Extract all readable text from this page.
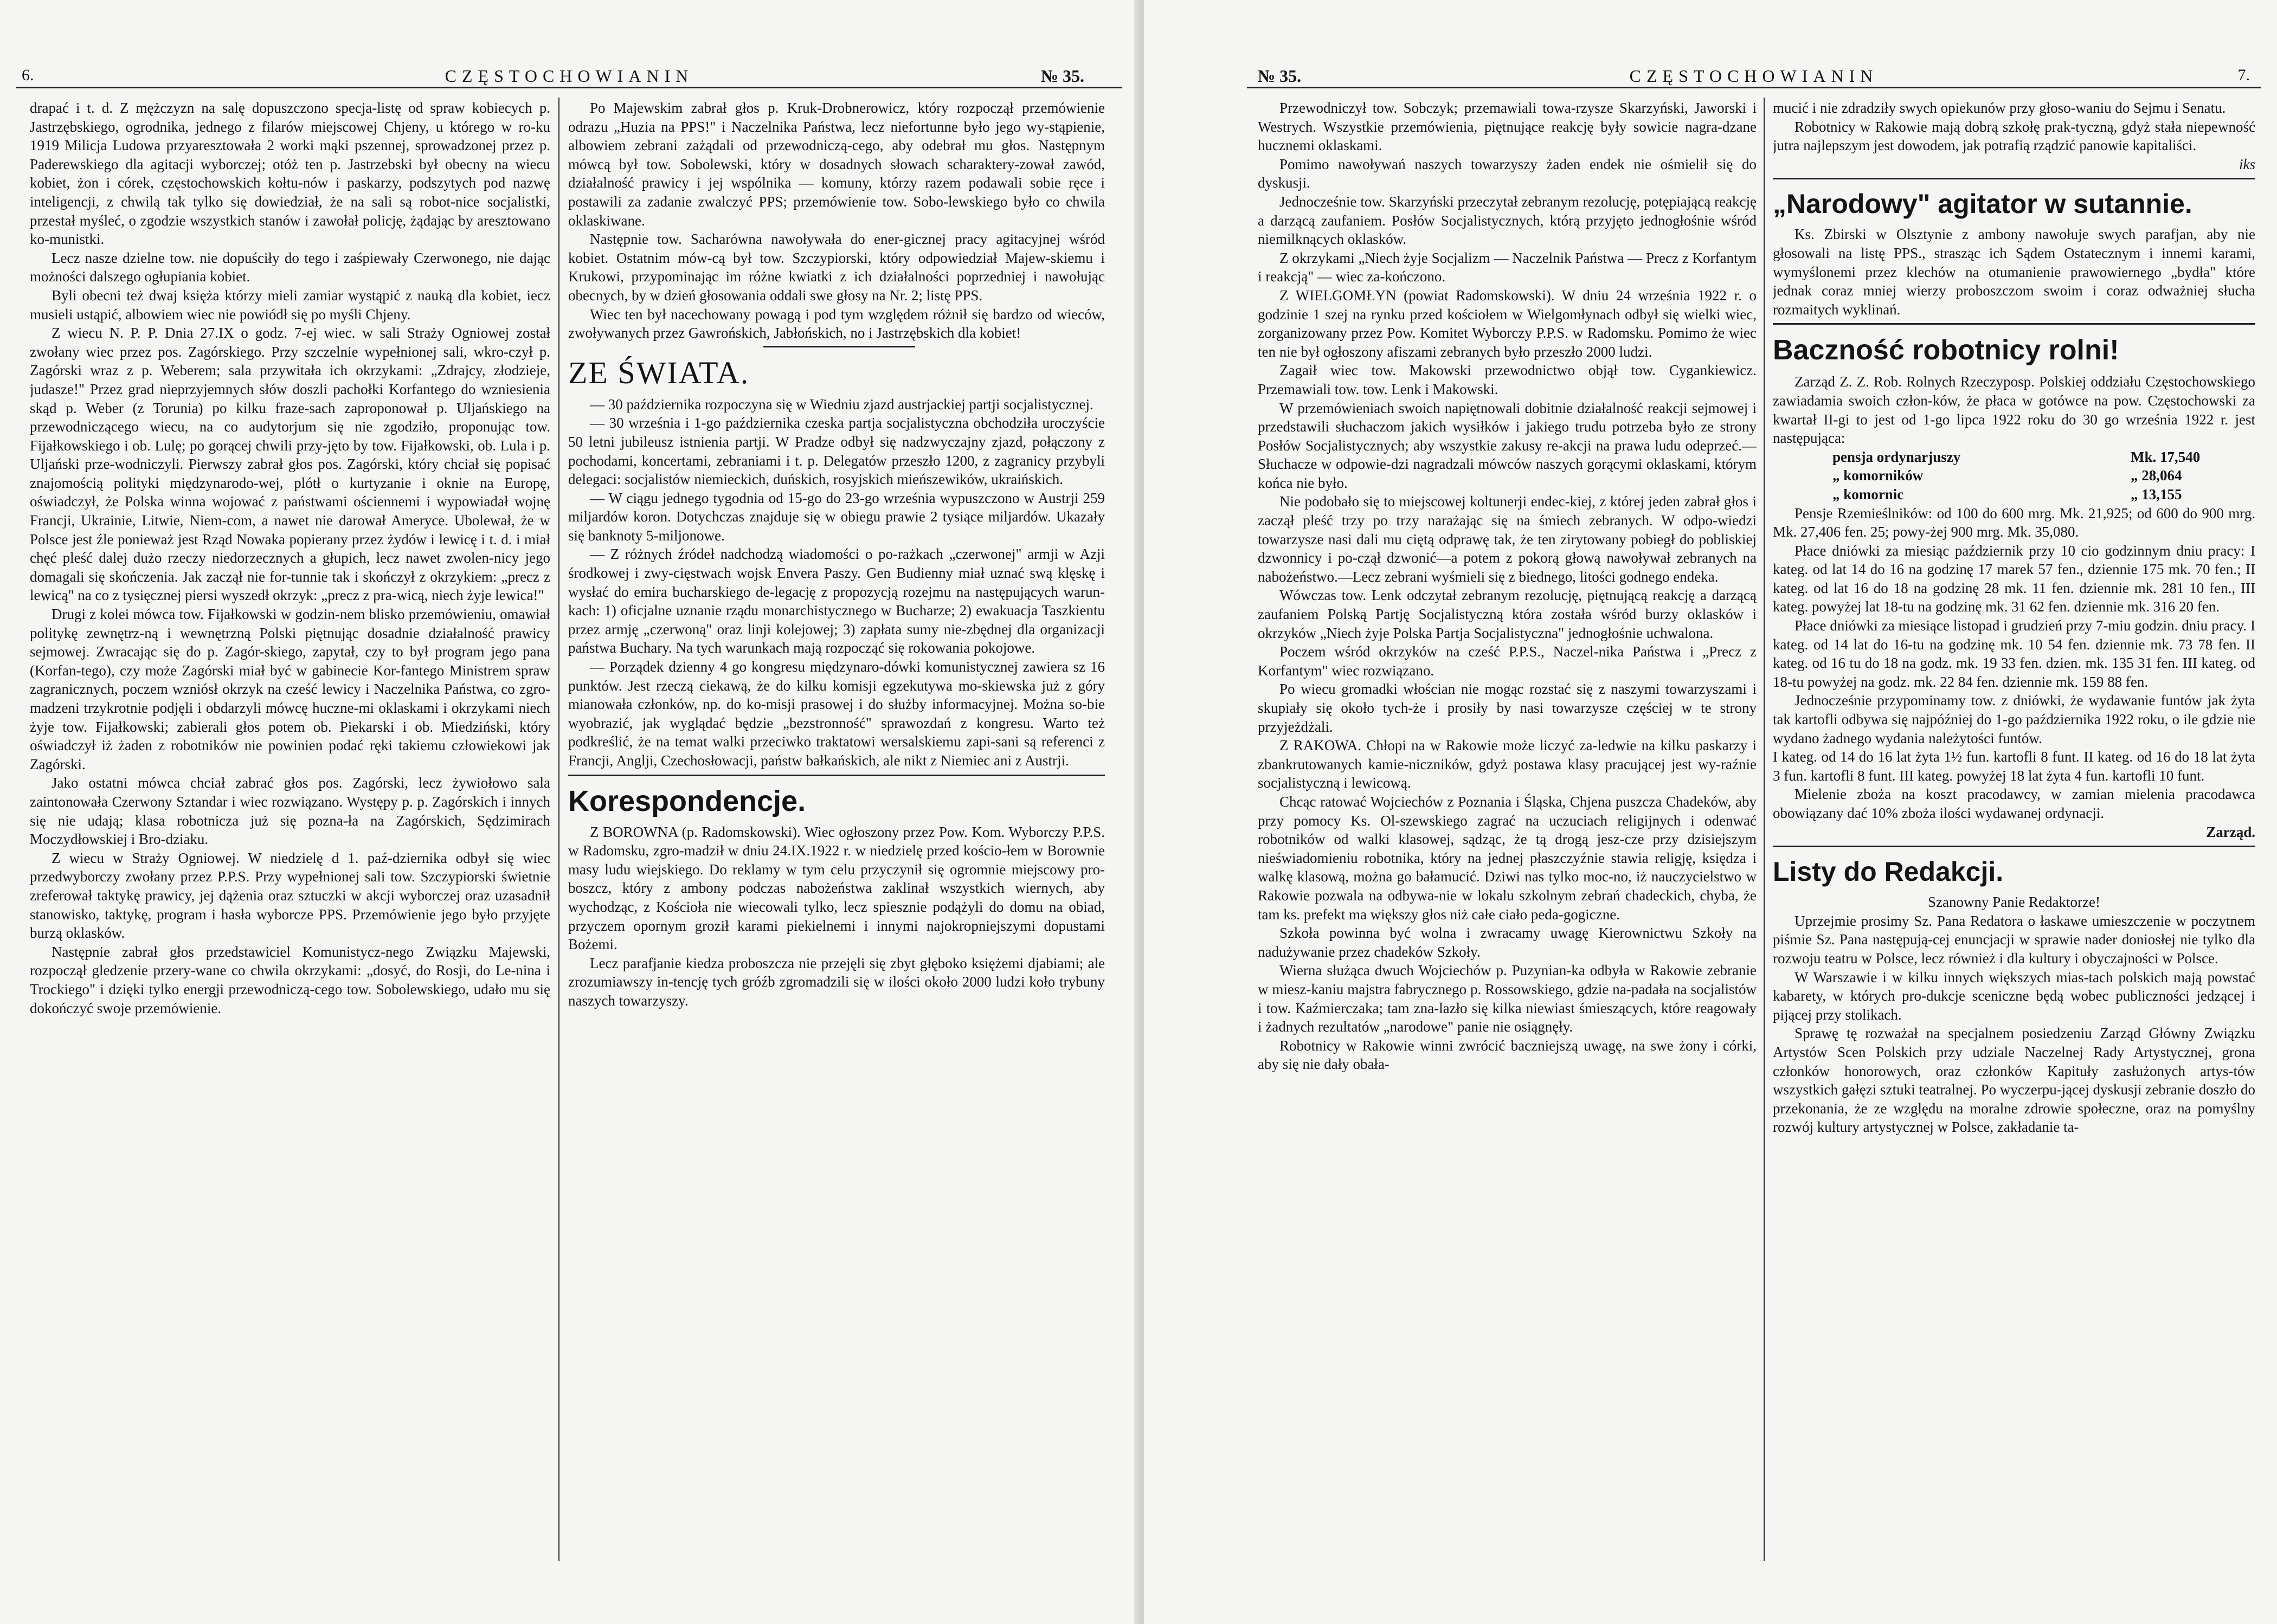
6.	CZĘSTOCHOWIANIN	№ 35.

drapać i t. d. Z mężczyzn na salę dopuszczono specja-listę od spraw kobiecych p. Jastrzębskiego, ogrodnika, jednego z filarów miejscowej Chjeny, u którego w ro-ku 1919 Milicja Ludowa przyaresztowała 2 worki mąki pszennej, sprowadzonej przez p. Paderewskiego dla agitacji wyborczej; otóż ten p. Jastrzebski był obecny na wiecu kobiet, żon i córek, częstochowskich kołtu-nów i paskarzy, podszytych pod nazwę inteligencji, z chwilą tak tylko się dowiedział, że na sali są robot-nice socjalistki, przestał myśleć, o zgodzie wszystkich stanów i zawołał policję, żądając by aresztowano ko-munistki.

Lecz nasze dzielne tow. nie dopuściły do tego i zaśpiewały Czerwonego, nie dając możności dalszego ogłupiania kobiet.

Byli obecni też dwaj księża którzy mieli zamiar wystąpić z nauką dla kobiet, iecz musieli ustąpić, albowiem wiec nie powiódł się po myśli Chjeny.

Z wiecu N. P. P. Dnia 27.IX o godz. 7-ej wiec. w sali Straży Ogniowej został zwołany wiec przez pos. Zagórskiego. Przy szczelnie wypełnionej sali, wkro-czył p. Zagórski wraz z p. Weberem; sala przywitała ich okrzykami: „Zdrajcy, złodzieje, judasze!" Przez grad nieprzyjemnych słów doszli pachołki Korfantego do wzniesienia skąd p. Weber (z Torunia) po kilku fraze-sach zaproponował p. Uljańskiego na przewodniczącego wiecu, na co audytorjum się nie zgodziło, proponując tow. Fijałkowskiego i ob. Lulę; po gorącej chwili przy-jęto by tow. Fijałkowski, ob. Lula i p. Uljański prze-wodniczyli. Pierwszy zabrał głos pos. Zagórski, który chciał się popisać znajomością polityki międzynarodo-wej, plótł o kurtyzanie i okniе na Europę, oświadczył, że Polska winna wojować z państwami ościennemi i wypowiadał wojnę Francji, Ukrainie, Litwie, Niem-com, a nawet nie darował Ameryce. Ubolewał, że w Polsce jest źle ponieważ jest Rząd Nowaka popierany przez żydów i lewicę i t. d. i miał chęć pleść dalej dużo rzeczy niedorzecznych a głupich, lecz nawet zwolen-nicy jego domagali się skończenia. Jak zaczął nie for-tunnie tak i skończył z okrzykiem: „precz z lewicą" na co z tysięcznej piersi wyszedł okrzyk: „precz z pra-wicą, niech żyje lewica!"

Drugi z kolei mówca tow. Fijałkowski w godzin-nem blisko przemówieniu, omawiał politykę zewnętrz-ną i wewnętrzną Polski piętnując dosadnie działalność prawicy sejmowej. Zwracając się do p. Zagór-skiego, zapytał, czy to był program jego pana (Korfan-tego), czy może Zagórski miał być w gabinecie Kor-fantego Ministrem spraw zagranicznych, poczem wzniósł okrzyk na cześć lewicy i Naczelnika Państwa, co zgro-madzeni trzykrotnie podjęli i obdarzyli mówcę huczne-mi oklaskami i okrzykami niech żyje tow. Fijałkowski; zabierali głos potem ob. Piekarski i ob. Miedziński, który oświadczył iż żaden z robotników nie powinien podać ręki takiemu człowiekowi jak Zagórski.

Jako ostatni mówca chciał zabrać głos pos. Zagórski, lecz żywiołowo sala zaintonowała Czerwony Sztandar i wiec rozwiązano. Występy p. p. Zagórskich i innych się nie udają; klasa robotnicza już się pozna-ła na Zagórskich, Sędzimirach Moczydłowskiej i Bro-dziaku.

Z wiecu w Straży Ogniowej. W niedzielę d 1. paź-dziernika odbył się wiec przedwyborczy zwołany przez P.P.S. Przy wypełnionej sali tow. Szczypiorski świetnie zreferował taktykę prawicy, jej dążenia oraz sztuczki w akcji wyborczej oraz uzasadnił stanowisko, taktykę, program i hasła wyborcze PPS. Przemówienie jego było przyjęte burzą oklasków.

Następnie zabrał głos przedstawiciel Komunistycz-nego Związku Majewski, rozpoczął gledzenie przery-wane co chwila okrzykami: „dosyć, do Rosji, do Le-nina i Trockiego" i dzięki tylko energji przewodniczą-cego tow. Sobolewskiego, udało mu się dokończyć swoje przemówienie.

Po Majewskim zabrał głos p. Kruk-Drobnerowicz, który rozpoczął przemówienie odrazu „Huzia na PPS!" i Naczelnika Państwa, lecz niefortunne było jego wy-stąpienie, albowiem zebrani zażądali od przewodniczą-cego, aby odebrał mu głos. Następnym mówcą był tow. Sobolewski, który w dosadnych słowach scharaktery-zował zawód, działalność prawicy i jej wspólnika — komuny, którzy razem podawali sobie ręce i postawili za zadanie zwalczyć PPS; przemówienie tow. Sobo-lewskiego było co chwila oklaskiwane.

Następnie tow. Sacharówna nawoływała do ener-gicznej pracy agitacyjnej wśród kobiet. Ostatnim mów-cą był tow. Szczypiorski, który odpowiedział Majew-skiemu i Krukowi, przypominając im różne kwiatki z ich działalności poprzedniej i nawołując obecnych, by w dzień głosowania oddali swe głosy na Nr. 2; listę PPS.

Wiec ten był nacechowany powagą i pod tym względem różnił się bardzo od wieców, zwoływanych przez Gawrońskich, Jabłońskich, no i Jastrzębskich dla kobiet!

ZE ŚWIATA.

— 30 października rozpoczyna się w Wiedniu zjazd austrjackiej partji socjalistycznej.

— 30 września i 1-go października czeska partja socjalistyczna obchodziła uroczyście 50 letni jubileusz istnienia partji. W Pradze odbył się nadzwyczajny zjazd, połączony z pochodami, koncertami, zebraniami i t. p. Delegatów przeszło 1200, z zagranicy przybyli delegaci: socjalistów niemieckich, duńskich, rosyjskich mieńszewików, ukraińskich.

— W ciągu jednego tygodnia od 15-go do 23-go września wypuszczono w Austrji 259 miljardów koron. Dotychczas znajduje się w obiegu prawie 2 tysiące miljardów. Ukazały się banknoty 5-miljonowe.

— Z różnych źródeł nadchodzą wiadomości o po-rażkach „czerwonej" armji w Azji środkowej i zwy-cięstwach wojsk Envera Paszy. Gen Budienny miał uznać swą klęskę i wysłać do emira bucharskiego de-legację z propozycją rozejmu na następujących warun-kach: 1) oficjalne uznanie rządu monarchistycznego w Bucharze; 2) ewakuacja Taszkientu przez armję „czerwoną" oraz linji kolejowej; 3) zapłata sumy nie-zbędnej dla organizacji państwa Buchary. Na tych warunkach mają rozpocząć się rokowania pokojowe.

— Porządek dzienny 4 go kongresu międzynaro-dówki komunistycznej zawiera sz 16 punktów. Jest rzeczą ciekawą, że do kilku komisji egzekutywa mo-skiewska już z góry mianowała członków, np. do ko-misji prasowej i do służby informacyjnej. Można so-bie wyobrazić, jak wyglądać będzie „bezstronność" sprawozdań z kongresu. Warto też podkreślić, że na temat walki przeciwko traktatowi wersalskiemu zapi-sani są referenci z Francji, Anglji, Czechosłowacji, państw bałkańskich, ale nikt z Niemiec ani z Austrji.

Korespondencje.

Z BOROWNA (p. Radomskowski). Wiec ogłoszony przez Pow. Kom. Wyborczy P.P.S. w Radomsku, zgro-madził w dniu 24.IX.1922 r. w niedzielę przed kościo-łem w Borownie masy ludu wiejskiego. Do reklamy w tym celu przyczynił się ogromnie miejscowy pro-boszcz, który z ambony podczas nabożeństwa zaklinał wszystkich wiernych, aby wychodząc, z Kościoła nie wiecowali tylko, lecz spiesznie podążyli do domu na obiad, przyczem opornym groził karami piekielnemi i innymi najokropniejszymi dopustami Bożemi.

Lecz parafjanie kiedzа proboszcza nie przejęli się zbyt głęboko księżemi djabiami; ale zrozumiawszy in-tencję tych gróźb zgromadzili się w ilości około 2000 ludzi koło trybuny naszych towarzyszy.

№ 35.	CZĘSTOCHOWIANIN	7.

Przewodniczył tow. Sobczyk; przemawiali towa-rzysze Skarzyński, Jaworski i Westrych. Wszystkie przemówienia, piętnujące reakcję były sowicie nagra-dzane hucznemi oklaskami.

Pomimo nawoływań naszych towarzyszy żaden endek nie ośmielił się do dyskusji.

Jednocześnie tow. Skarzyński przeczytał zebranym rezolucję, potępiającą reakcję a darzącą zaufaniem. Posłów Socjalistycznych, którą przyjęto jednogłośnie wśród niemilknących oklasków.

Z okrzykami „Niech żyje Socjalizm — Naczelnik Państwa — Precz z Korfantym i reakcją" — wiec za-kończono.

Z WIELGOMŁYN (powiat Radomskowski). W dniu 24 września 1922 r. o godzinie 1 szej na rynku przed kościołem w Wielgomłynach odbył się wielki wiec, zorganizowany przez Pow. Komitet Wyborczy P.P.S. w Radomsku. Pomimo że wiec ten nie był ogłoszony afiszami zebranych było przeszło 2000 ludzi.

Zagaił wiec tow. Makowski przewodnictwo objął tow. Cygankiewicz. Przemawiali tow. tow. Lenk i Makowski.

W przemówieniach swoich napiętnowali dobitnie działalność reakcji sejmowej i przedstawili słuchaczom jakich wysiłków i jakiego trudu potrzeba było ze strony Posłów Socjalistycznych; aby wszystkie zakusy re-akcji na prawa ludu odeprzeć.—Słuchacze w odpowie-dzi nagradzali mówców naszych gorącymi oklaskami, którym końca nie było.

Nie podobało się to miejscowej koltunerji endec-kiej, z której jeden zabrał głos i zaczął pleść trzy po trzy narażając się na śmiech zebranych. W odpo-wiedzi towarzysze nasi dali mu ciętą odprawę tak, że ten zirytowany pobiegł do pobliskiej dzwonnicy i po-czął dzwonić—a potem z pokorą głową nawoływał zebranych na nabożeństwo.—Lecz zebrani wyśmieli się z biednego, litości godnego endeka.

Wówczas tow. Lenk odczytał zebranym rezolucję, piętnującą reakcję a darzącą zaufaniem Polską Partję Socjalistyczną która została wśród burzy oklasków i okrzyków „Niech żyje Polska Partja Socjalistyczna" jednogłośnie uchwalona.

Poczem wśród okrzyków na cześć P.P.S., Naczel-nika Państwa i „Precz z Korfantym" wiec rozwiązano.

Po wiecu gromadki włościan nie mogąc rozstać się z naszymi towarzyszami i skupiały się około tych-że i prosiły by nasi towarzysze częściej w te strony przyjeżdżali.

Z RAKOWA. Chłopi na w Rakowie może liczyć za-ledwie na kilku paskarzy i zbankrutowanych kamie-niczników, gdyż postawa klasy pracującej jest wy-raźnie socjalistyczną i lewicową.

Chcąc ratować Wojciechów z Poznania i Śląska, Chjena puszcza Chadeków, aby przy pomocy Ks. Ol-szewskiego zagrać na uczuciach religijnych i odenwać robotników od walki klasowej, sądząc, że tą drogą jesz-cze przy dzisiejszym nieświadomieniu robotnika, który na jednej płaszczyźnie stawia religję, księdza i walkę klasową, można go bałamucić. Dziwi nas tylko moc-no, iż nauczycielstwo w Rakowie pozwala na odbywa-nie w lokalu szkolnym zebrań chadeckich, chyba, że tam ks. prefekt ma większy głos niż całe ciało peda-gogiczne.

Szkoła powinna być wolna i zwracamy uwagę Kierownictwu Szkoły na nadużywanie przez chadeków Szkoły.

Wierna służąca dwuch Wojciechów p. Puzynian-ka odbyła w Rakowie zebranie w miesz-kaniu majstra fabrycznego p. Rossowskiego, gdzie na-padała na socjalistów i tow. Kaźmierczaka; tam zna-lazło się kilka niewiast śmieszących, które reagowały i żadnych rezultatów „narodowe" panie nie osiągnęły.

Robotnicy w Rakowie winni zwrócić baczniejszą uwagę, na swe żony i córki, aby się nie dały obała-

mucić i nie zdradziły swych opiekunów przy głoso-waniu do Sejmu i Senatu.

Robotnicy w Rakowie mają dobrą szkołę prak-tyczną, gdyż stała niepewność jutra najlepszym jest dowodem, jak potrafią rządzić panowie kapitaliści.

iks
„Narodowy" agitator w sutannie.

Ks. Zbirski w Olsztynie z ambony nawołuje swych parafjan, aby nie głosowali na listę PPS., strasząc ich Sądem Ostatecznym i innemi karami, wymyślonemi przez klechów na otumanienie prawowiernego „bydła" które jednak coraz mniej wierzy proboszczom swoim i coraz odważniej słucha rozmaitych wyklinań.

Baczność robotnicy rolni!

Zarząd Z. Z. Rob. Rolnych Rzeczyposp. Polskiej oddziału Częstochowskiego zawiadamia swoich człon-ków, że płaca w gotówce na pow. Częstochowski za kwartał II-gi to jest od 1-go lipca 1922 roku do 30 go września 1922 r. jest następująca:

pensja ordynarjuszy	Mk. 17,540
„ komorników	„ 28,064
„ komornic	„ 13,155

Pensje Rzemieślników: od 100 do 600 mrg. Mk. 21,925; od 600 do 900 mrg. Mk. 27,406 fen. 25; powy-żej 900 mrg. Mk. 35,080.

Płace dniówki za miesiąc październik przy 10 cio godzinnym dniu pracy: I kateg. od lat 14 do 16 na godzinę 17 marek 57 fen., dziennie 175 mk. 70 fen.; II kateg. od lat 16 do 18 na godzinę 28 mk. 11 fen. dziennie mk. 281 10 fen., III kateg. powyżej lat 18-tu na godzinę mk. 31 62 fen. dziennie mk. 316 20 fen.

Płace dniówki za miesiące listopad i grudzień przy 7-miu godzin. dniu pracy. I kateg. od 14 lat do 16-tu na godzinę mk. 10 54 fen. dziennie mk. 73 78 fen. II kateg. od 16 tu do 18 na godz. mk. 19 33 fen. dzien. mk. 135 31 fen. III kateg. od 18-tu powyżej na godz. mk. 22 84 fen. dziennie mk. 159 88 fen.

Jednocześnie przypominamy tow. z dniówki, że wydawanie funtów jak żyta tak kartofli odbywa się najpóźniej do 1-go października 1922 roku, o ile gdzie nie wydano żadnego wydania należytości funtów.

I kateg. od 14 do 16 lat żyta 1½ fun. kartofli 8 funt. II kateg. od 16 do 18 lat żyta 3 fun. kartofli 8 funt. III kateg. powyżej 18 lat żyta 4 fun. kartofli 10 funt.

Mielenie zboża na koszt pracodawcy, w zamian mielenia pracodawca obowiązany dać 10% zboża ilości wydawanej ordynacji.

Zarząd.
Listy do Redakcji.
Szanowny Panie Redaktorze!

Uprzejmie prosimy Sz. Pana Redatora o łaskawe umieszczenie w poczytnem piśmie Sz. Pana następują-cej enuncjacji w sprawie nader doniosłej nie tylko dla rozwoju teatru w Polsce, lecz również i dla kultury i obyczajności w Polsce.

W Warszawie i w kilku innych większych mias-tach polskich mają powstać kabarety, w których pro-dukcje sceniczne będą wobec publiczności jedzącej i pijącej przy stolikach.

Sprawę tę rozważał na specjalnem posiedzeniu Zarząd Główny Związku Artystów Scen Polskich przy udziale Naczelnej Rady Artystycznej, grona członków honorowych, oraz członków Kapituły zasłużonych artys-tów wszystkich gałęzi sztuki teatralnej. Po wyczerpu-jącej dyskusji zebranie doszło do przekonania, że ze względu na moralne zdrowie społeczne, oraz na pomyślny rozwój kultury artystycznej w Polsce, zakładanie ta-
